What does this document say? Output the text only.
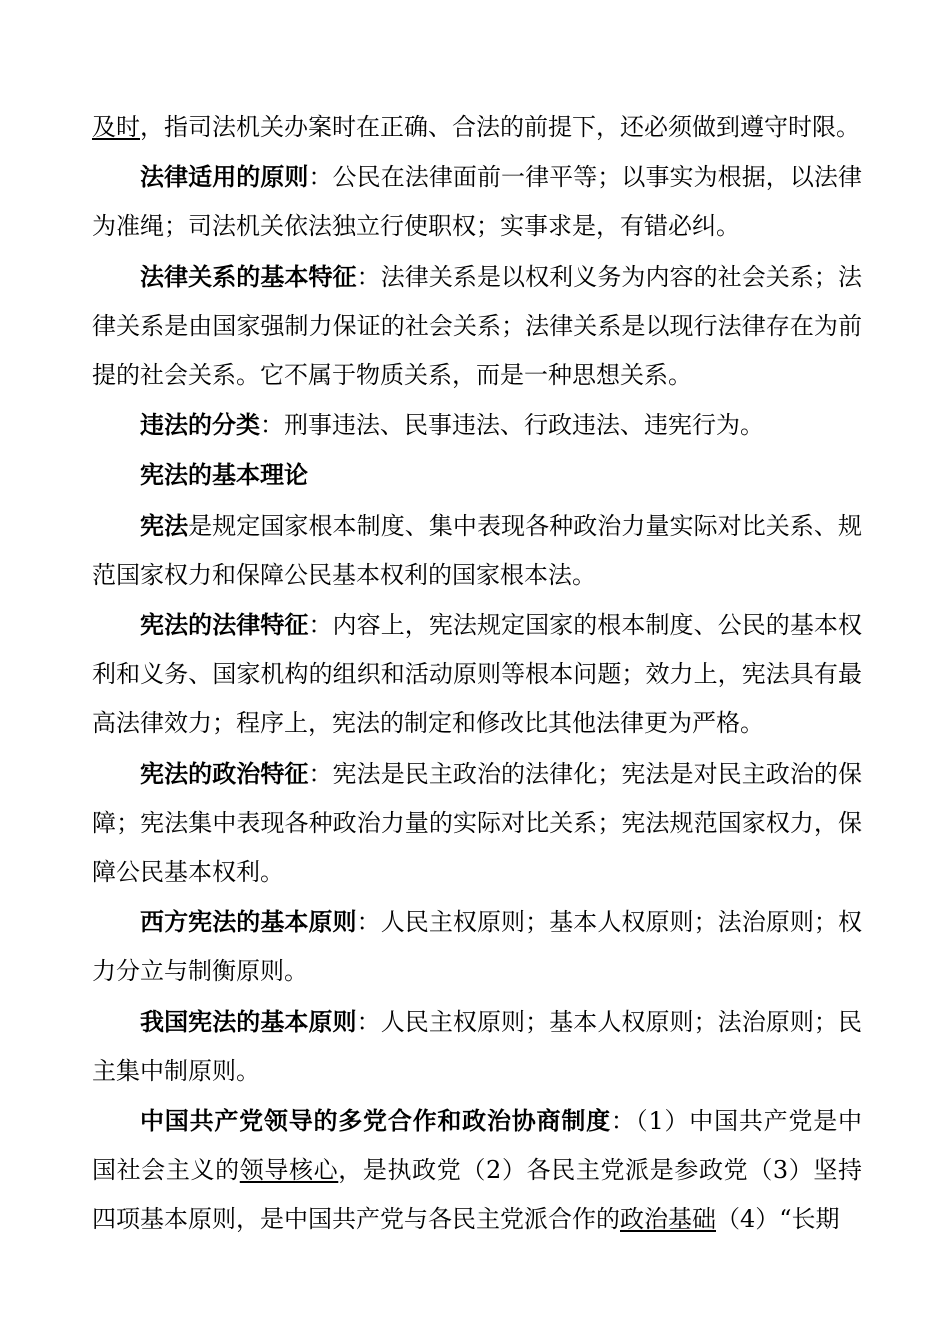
及时，指司法机关办案时在正确、合法的前提下，还必须做到遵守时限。

法律适用的原则：公民在法律面前一律平等；以事实为根据，以法律为准绳；司法机关依法独立行使职权；实事求是，有错必纠。

法律关系的基本特征：法律关系是以权利义务为内容的社会关系；法律关系是由国家强制力保证的社会关系；法律关系是以现行法律存在为前提的社会关系。它不属于物质关系，而是一种思想关系。

违法的分类：刑事违法、民事违法、行政违法、违宪行为。

宪法的基本理论

宪法是规定国家根本制度、集中表现各种政治力量实际对比关系、规范国家权力和保障公民基本权利的国家根本法。

宪法的法律特征：内容上，宪法规定国家的根本制度、公民的基本权利和义务、国家机构的组织和活动原则等根本问题；效力上，宪法具有最高法律效力；程序上，宪法的制定和修改比其他法律更为严格。

宪法的政治特征：宪法是民主政治的法律化；宪法是对民主政治的保障；宪法集中表现各种政治力量的实际对比关系；宪法规范国家权力，保障公民基本权利。

西方宪法的基本原则：人民主权原则；基本人权原则；法治原则；权力分立与制衡原则。

我国宪法的基本原则：人民主权原则；基本人权原则；法治原则；民主集中制原则。

中国共产党领导的多党合作和政治协商制度：（1）中国共产党是中国社会主义的领导核心，是执政党（2）各民主党派是参政党（3）坚持四项基本原则，是中国共产党与各民主党派合作的政治基础（4）“长期
